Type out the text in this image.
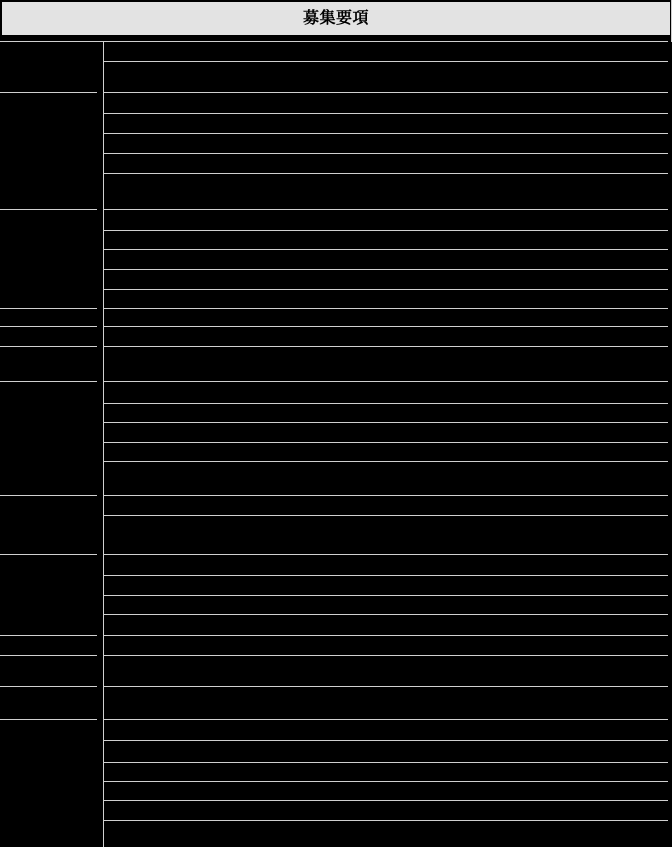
募集要項
